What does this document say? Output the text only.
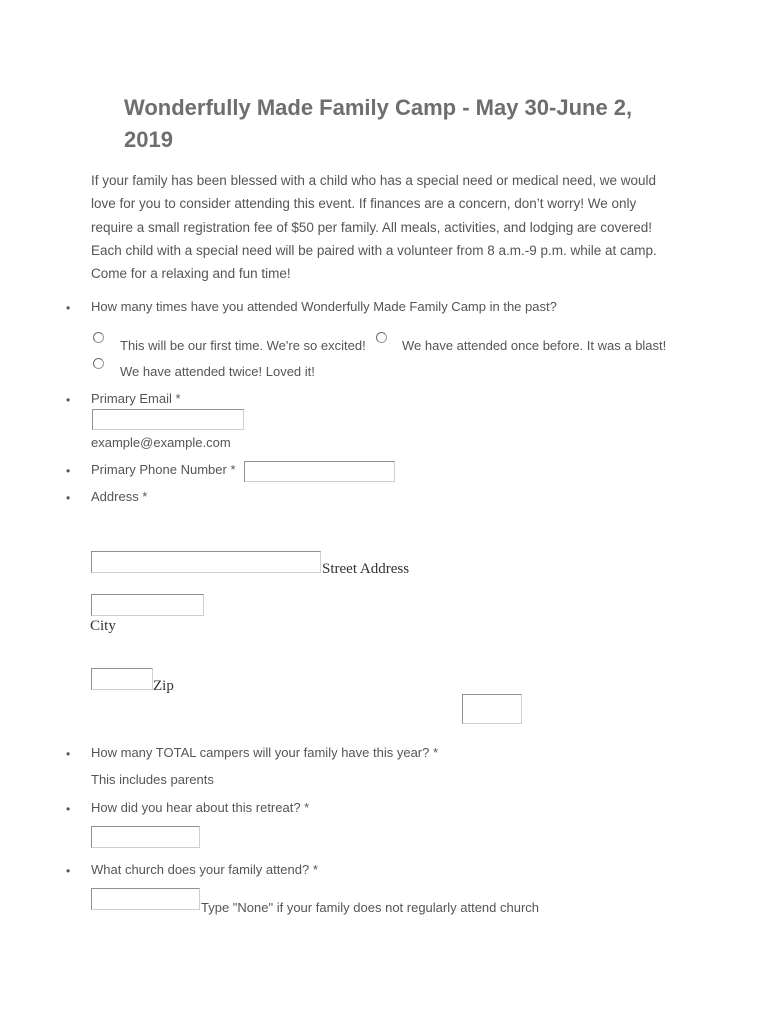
Wonderfully Made Family Camp - May 30-June 2,
2019
If your family has been blessed with a child who has a special need or medical need, we would
love for you to consider attending this event. If finances are a concern, don’t worry! We only
require a small registration fee of $50 per family. All meals, activities, and lodging are covered!
Each child with a special need will be paired with a volunteer from 8 a.m.-9 p.m. while at camp.
Come for a relaxing and fun time!
• How many times have you attended Wonderfully Made Family Camp in the past?
This will be our first time. We're so excited!	We have attended once before. It was a blast!
We have attended twice! Loved it!
• Primary Email *
example@example.com
• Primary Phone Number *
• Address *
Street Address
City
Zip
• How many TOTAL campers will your family have this year? *
This includes parents
• How did you hear about this retreat? *
• What church does your family attend? *
Type "None" if your family does not regularly attend church
